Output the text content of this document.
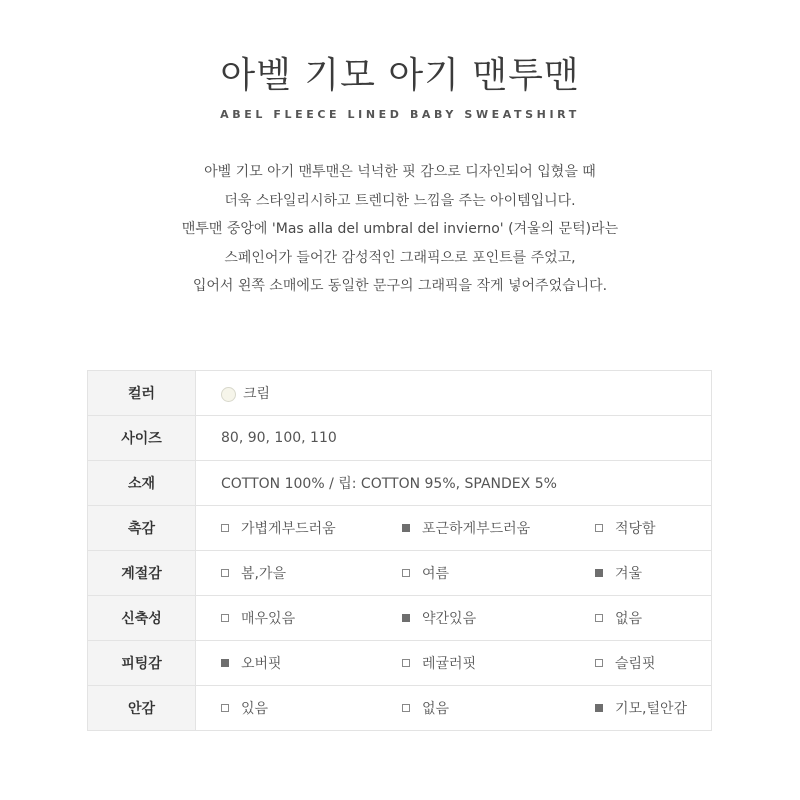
아벨 기모 아기 맨투맨
ABEL FLEECE LINED BABY SWEATSHIRT

아벨 기모 아기 맨투맨은 넉넉한 핏 감으로 디자인되어 입혔을 때

더욱 스타일리시하고 트렌디한 느낌을 주는 아이템입니다.

맨투맨 중앙에 'Mas alla del umbral del invierno' (겨울의 문턱)라는

스페인어가 들어간 감성적인 그래픽으로 포인트를 주었고,

입어서 왼쪽 소매에도 동일한 문구의 그래픽을 작게 넣어주었습니다.

컬러	크림
사이즈	80, 90, 100, 110
소재	COTTON 100% / 립: COTTON 95%, SPANDEX 5%
촉감	가볍게부드러움 포근하게부드러움 적당함

계절감	봄,가을 여름 겨울

신축성	매우있음 약간있음 없음

피팅감	오버핏 레귤러핏 슬림핏

안감	있음 없음 기모,털안감
